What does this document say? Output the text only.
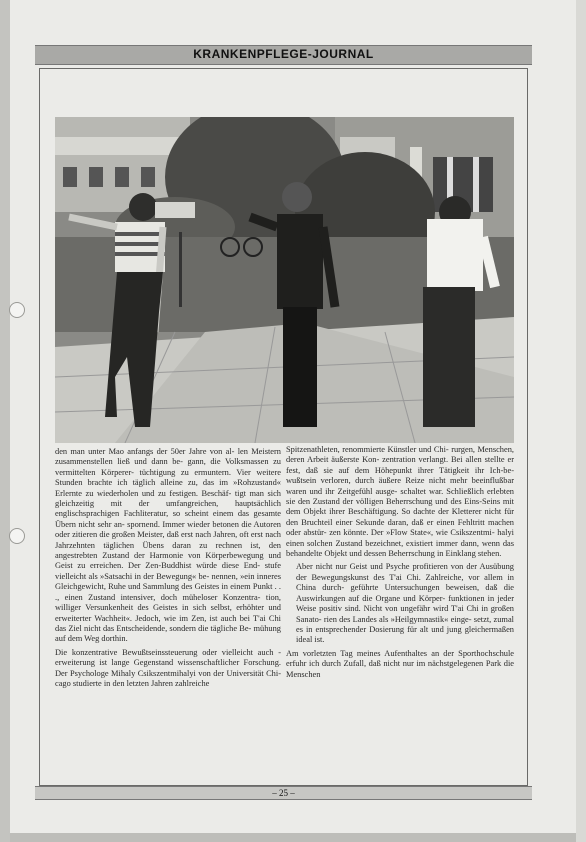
KRANKENPFLEGE-JOURNAL

den man unter Mao anfangs der 50er Jahre von al- len Meistern zusammenstellen ließ und dann be- gann, die Volksmassen zu vermittelten Körperer- tüchtigung zu ermuntern. Vier weitere Stunden brachte ich täglich alleine zu, das im »Rohzustand« Erlernte zu wiederholen und zu festigen. Beschäf- tigt man sich gleichzeitig mit der umfangreichen, hauptsächlich englischsprachigen Fachliteratur, so scheint einem das gesamte Übern nicht sehr an- spornend. Immer wieder betonen die Autoren oder zitieren die großen Meister, daß erst nach Jahren, oft erst nach Jahrzehnten täglichen Übens daran zu rechnen ist, den angestrebten Zustand der Harmonie von Körperbewegung und Geist zu erreichen. Der Zen-Buddhist würde diese End- stufe vielleicht als »Satsachi in der Bewegung« be- nennen, »ein inneres Gleichgewicht, Ruhe und Sammlung des Geistes in einem Punkt . . ., einen Zustand intensiver, doch müheloser Konzentra- tion, williger Versunkenheit des Geistes in sich selbst, erhöhter und erweiterter Wachheit«. Jedoch, wie im Zen, ist auch bei T'ai Chi das Ziel nicht das Entscheidende, sondern die tägliche Be- mühung auf dem Weg dorthin.

Die konzentrative Bewußtseinssteuerung oder vielleicht auch -erweiterung ist lange Gegenstand wissenschaftlicher Forschung. Der Psychologe Mihaly Csikszentmihalyi von der Universität Chi- cago studierte in den letzten Jahren zahlreiche

Spitzenathleten, renommierte Künstler und Chi- rurgen, Menschen, deren Arbeit äußerste Kon- zentration verlangt. Bei allen stellte er fest, daß sie auf dem Höhepunkt ihrer Tätigkeit ihr Ich-be- wußtsein verloren, durch äußere Reize nicht mehr beeinflußbar waren und ihr Zeitgefühl ausge- schaltet war. Schließlich erlebten sie den Zustand der völligen Beherrschung und des Eins-Seins mit dem Objekt ihrer Beschäftigung. So dachte der Kletterer nicht für den Bruchteil einer Sekunde daran, daß er einen Fehltritt machen oder abstür- zen könnte. Der »Flow State«, wie Csikszentmi- halyi einen solchen Zustand bezeichnet, existiert immer dann, wenn das behandelte Objekt und dessen Beherrschung in Einklang stehen.

Aber nicht nur Geist und Psyche profitieren von der Ausübung der Bewegungskunst des T'ai Chi. Zahlreiche, vor allem in China durch- geführte Untersuchungen beweisen, daß die Auswirkungen auf die Organe und Körper- funktionen in jeder Weise positiv sind. Nicht von ungefähr wird T'ai Chi in großen Sanato- rien des Landes als »Heilgymnastik« einge- setzt, zumal es in entsprechender Dosierung für alt und jung gleichermaßen ideal ist.

Am vorletzten Tag meines Aufenthaltes an der Sporthochschule erfuhr ich durch Zufall, daß nicht nur im nächstgelegenen Park die Menschen

– 25 –
